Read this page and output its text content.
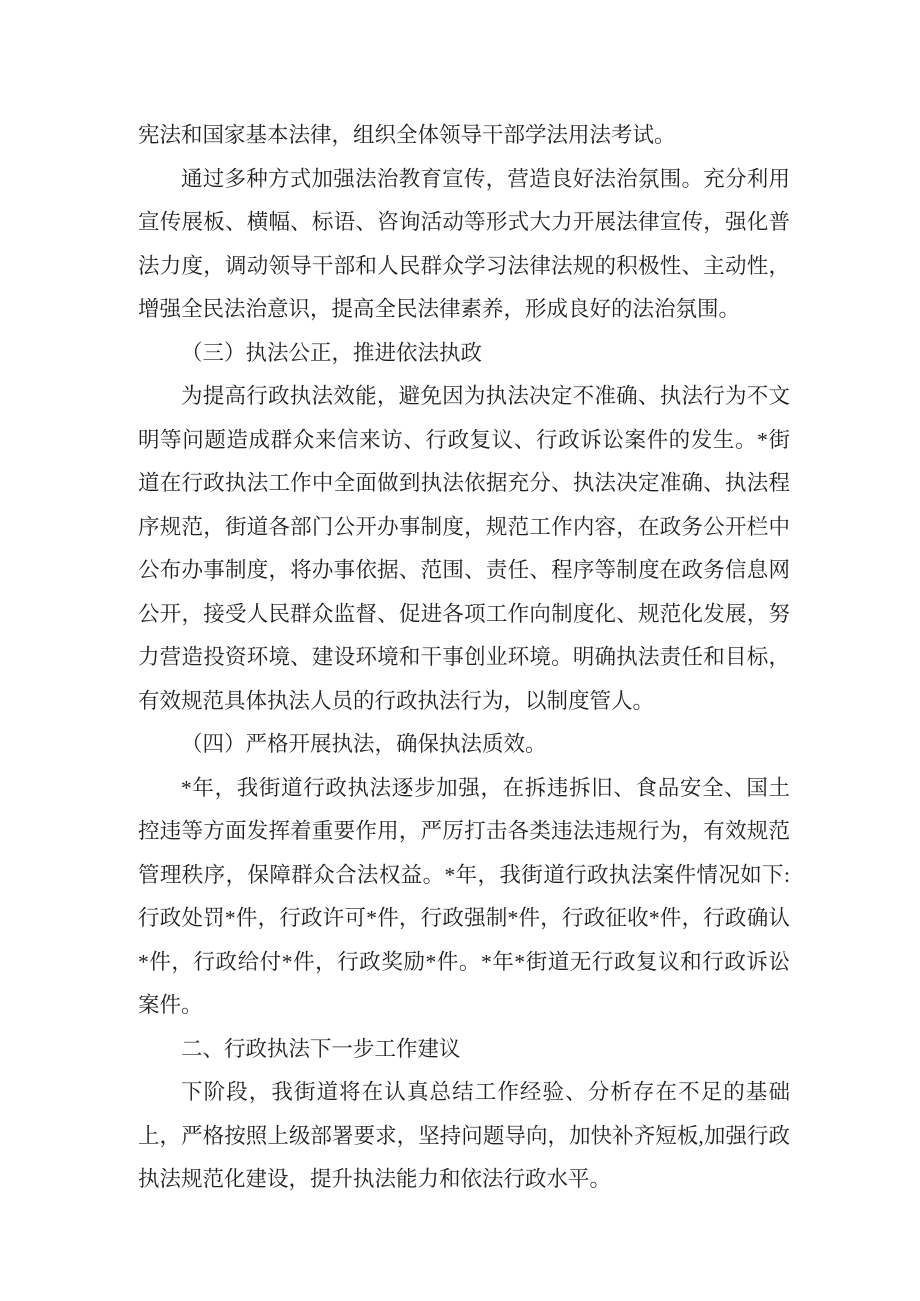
宪法和国家基本法律，组织全体领导干部学法用法考试。

通过多种方式加强法治教育宣传，营造良好法治氛围。充分利用宣传展板、横幅、标语、咨询活动等形式大力开展法律宣传，强化普法力度，调动领导干部和人民群众学习法律法规的积极性、主动性，增强全民法治意识，提高全民法律素养，形成良好的法治氛围。

（三）执法公正，推进依法执政

为提高行政执法效能，避免因为执法决定不准确、执法行为不文明等问题造成群众来信来访、行政复议、行政诉讼案件的发生。*街道在行政执法工作中全面做到执法依据充分、执法决定准确、执法程序规范，街道各部门公开办事制度，规范工作内容，在政务公开栏中公布办事制度，将办事依据、范围、责任、程序等制度在政务信息网公开，接受人民群众监督、促进各项工作向制度化、规范化发展，努力营造投资环境、建设环境和干事创业环境。明确执法责任和目标，有效规范具体执法人员的行政执法行为，以制度管人。

（四）严格开展执法，确保执法质效。

*年，我街道行政执法逐步加强，在拆违拆旧、食品安全、国土控违等方面发挥着重要作用，严厉打击各类违法违规行为，有效规范管理秩序，保障群众合法权益。*年，我街道行政执法案件情况如下: 行政处罚*件，行政许可*件，行政强制*件，行政征收*件，行政确认*件，行政给付*件，行政奖励*件。*年*街道无行政复议和行政诉讼案件。

二、行政执法下一步工作建议

下阶段，我街道将在认真总结工作经验、分析存在不足的基础上，严格按照上级部署要求，坚持问题导向，加快补齐短板,加强行政执法规范化建设，提升执法能力和依法行政水平。
